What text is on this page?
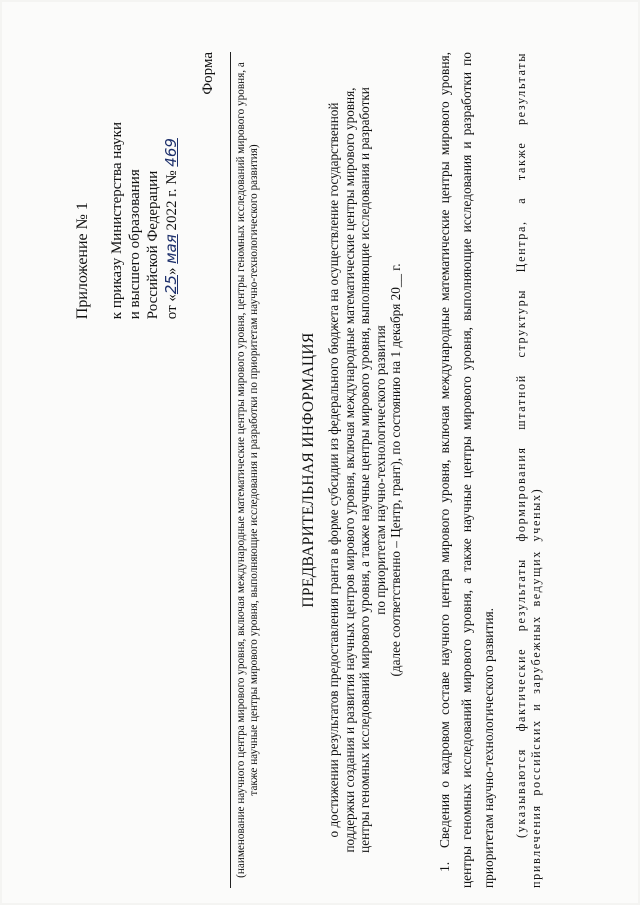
Приложение № 1 к приказу Министерства науки и высшего образования Российской Федерации от «25» мая 2022 г. № 469
Форма	(наименование научного центра мирового уровня, включая международные математические центры мирового уровня, центры геномных исследований мирового уровня, а также научные центры мирового уровня, выполняющие исследования и разработки по приоритетам научно-технологического развития)	ПРЕДВАРИТЕЛЬНАЯ ИНФОРМАЦИЯ о достижении результатов предоставления гранта в форме субсидии из федерального бюджета на осуществление государственной поддержки создания и развития научных центров мирового уровня, включая международные математические центры мирового уровня, центры геномных исследований мирового уровня, а также научные центры мирового уровня, выполняющие исследования и разработки по приоритетам научно-технологического развития
(далее соответственно – Центр, грант), по состоянию на 1 декабря 20__ г.
1.Сведения о кадровом составе научного центра мирового уровня, включая международные математические центры мирового уровня, центры геномных исследований мирового уровня, а также научные центры мирового уровня, выполняющие исследования и разработки по приоритетам научно-технологического развития.	(указываются фактические результаты формирования штатной структуры Центра, а также результаты привлечения российских и зарубежных ведущих ученых)
